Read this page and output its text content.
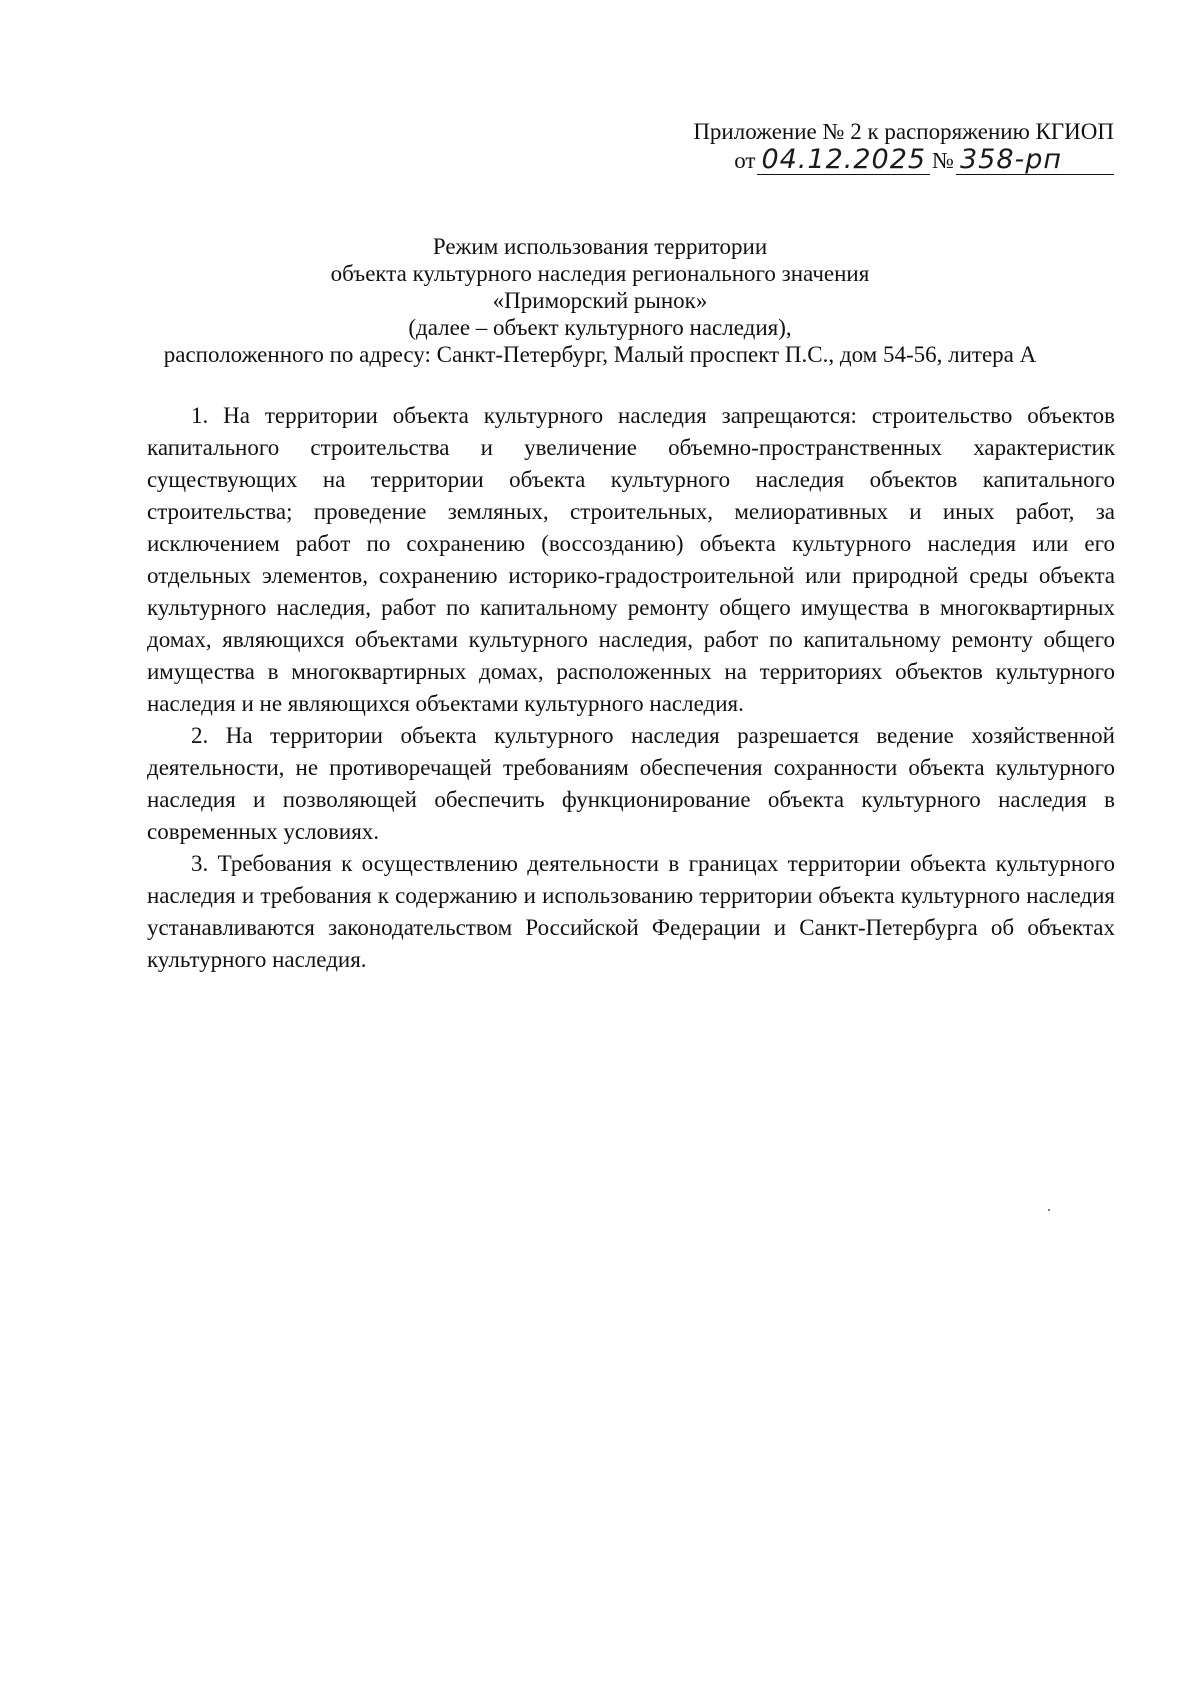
Приложение № 2 к распоряжению КГИОП
от 04.12.2025 № 358-рп
Режим использования территории
объекта культурного наследия регионального значения
«Приморский рынок»
(далее – объект культурного наследия),
расположенного по адресу: Санкт-Петербург, Малый проспект П.С., дом 54-56, литера А

1. На территории объекта культурного наследия запрещаются: строительство объектов капитального строительства и увеличение объемно-пространственных характеристик существующих на территории объекта культурного наследия объектов капитального строительства; проведение земляных, строительных, мелиоративных и иных работ, за исключением работ по сохранению (воссозданию) объекта культурного наследия или его отдельных элементов, сохранению историко-градостроительной или природной среды объекта культурного наследия, работ по капитальному ремонту общего имущества в многоквартирных домах, являющихся объектами культурного наследия, работ по капитальному ремонту общего имущества в многоквартирных домах, расположенных на территориях объектов культурного наследия и не являющихся объектами культурного наследия.

2. На территории объекта культурного наследия разрешается ведение хозяйственной деятельности, не противоречащей требованиям обеспечения сохранности объекта культурного наследия и позволяющей обеспечить функционирование объекта культурного наследия в современных условиях.

3. Требования к осуществлению деятельности в границах территории объекта культурного наследия и требования к содержанию и использованию территории объекта культурного наследия устанавливаются законодательством Российской Федерации и Санкт-Петербурга об объектах культурного наследия.
